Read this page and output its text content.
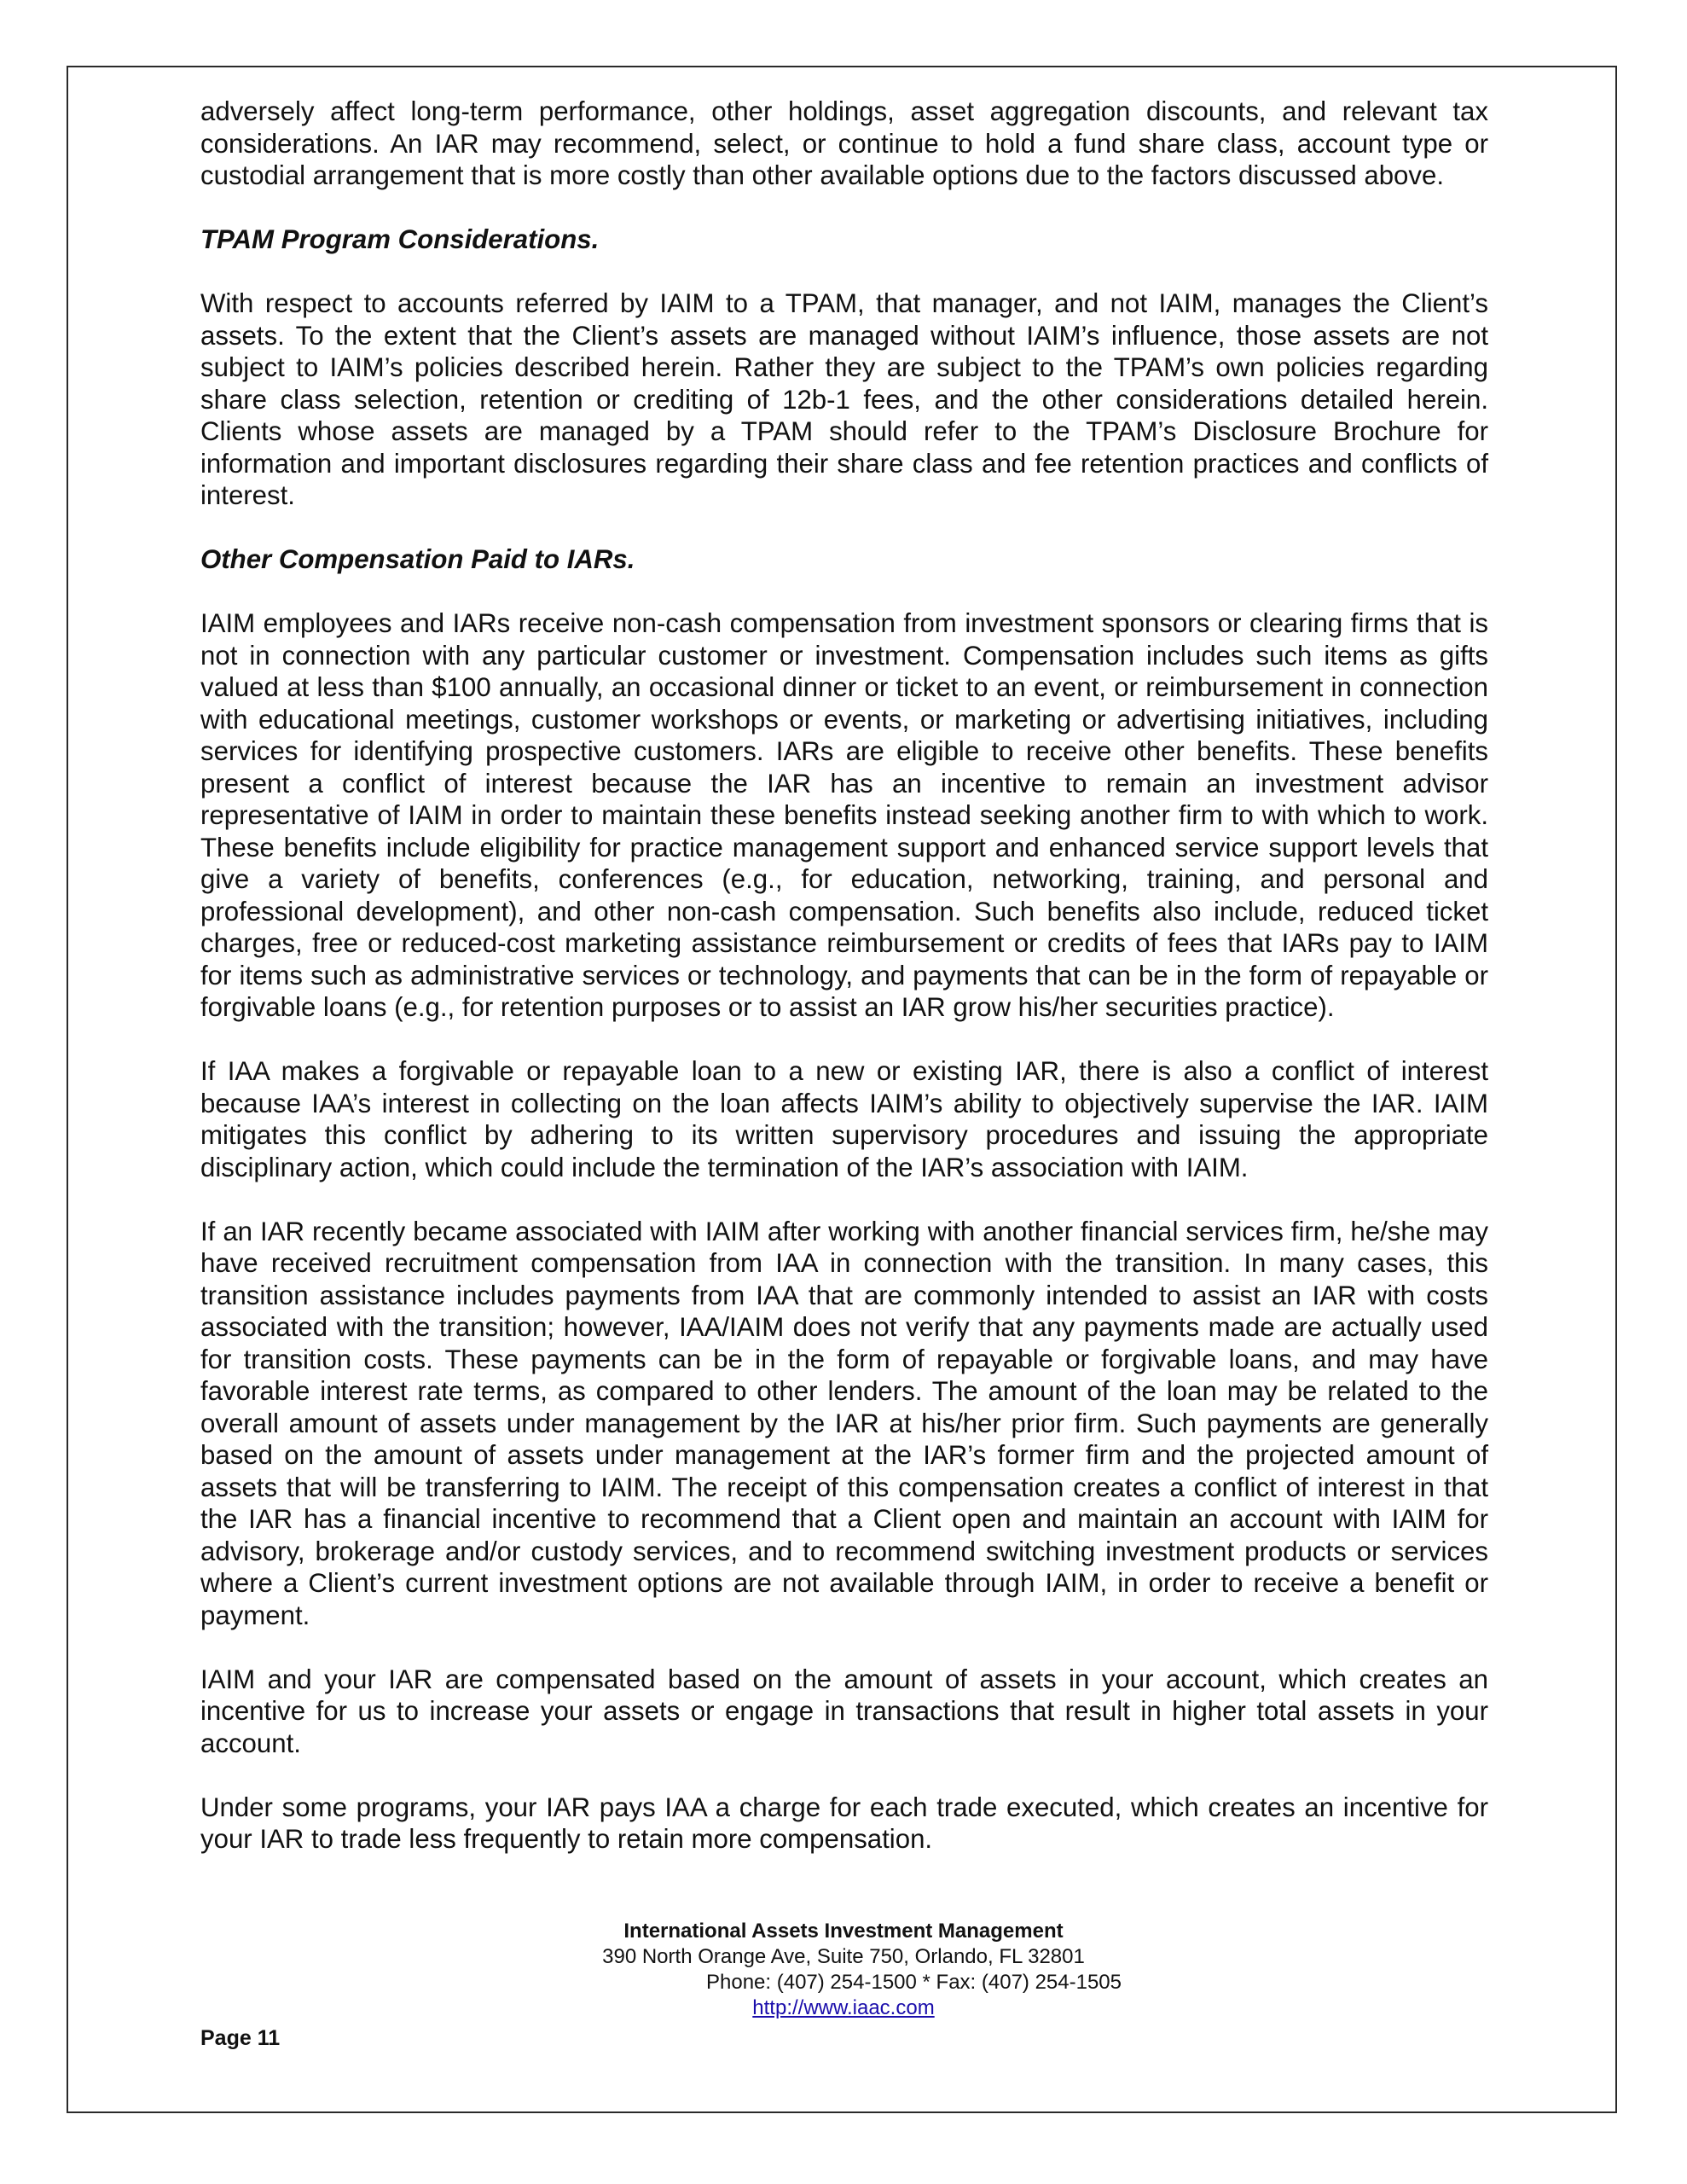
adversely affect long-term performance, other holdings, asset aggregation discounts, and relevant tax considerations. An IAR may recommend, select, or continue to hold a fund share class, account type or custodial arrangement that is more costly than other available options due to the factors discussed above.

TPAM Program Considerations.

With respect to accounts referred by IAIM to a TPAM, that manager, and not IAIM, manages the Client’s assets. To the extent that the Client’s assets are managed without IAIM’s influence, those assets are not subject to IAIM’s policies described herein. Rather they are subject to the TPAM’s own policies regarding share class selection, retention or crediting of 12b-1 fees, and the other considerations detailed herein. Clients whose assets are managed by a TPAM should refer to the TPAM’s Disclosure Brochure for information and important disclosures regarding their share class and fee retention practices and conflicts of interest.

Other Compensation Paid to IARs.

IAIM employees and IARs receive non-cash compensation from investment sponsors or clearing firms that is not in connection with any particular customer or investment. Compensation includes such items as gifts valued at less than $100 annually, an occasional dinner or ticket to an event, or reimbursement in connection with educational meetings, customer workshops or events, or marketing or advertising initiatives, including services for identifying prospective customers. IARs are eligible to receive other benefits. These benefits present a conflict of interest because the IAR has an incentive to remain an investment advisor representative of IAIM in order to maintain these benefits instead seeking another firm to with which to work. These benefits include eligibility for practice management support and enhanced service support levels that give a variety of benefits, conferences (e.g., for education, networking, training, and personal and professional development), and other non-cash compensation. Such benefits also include, reduced ticket charges, free or reduced-cost marketing assistance reimbursement or credits of fees that IARs pay to IAIM for items such as administrative services or technology, and payments that can be in the form of repayable or forgivable loans (e.g., for retention purposes or to assist an IAR grow his/her securities practice).

If IAA makes a forgivable or repayable loan to a new or existing IAR, there is also a conflict of interest because IAA’s interest in collecting on the loan affects IAIM’s ability to objectively supervise the IAR. IAIM mitigates this conflict by adhering to its written supervisory procedures and issuing the appropriate disciplinary action, which could include the termination of the IAR’s association with IAIM.

If an IAR recently became associated with IAIM after working with another financial services firm, he/she may have received recruitment compensation from IAA in connection with the transition. In many cases, this transition assistance includes payments from IAA that are commonly intended to assist an IAR with costs associated with the transition; however, IAA/IAIM does not verify that any payments made are actually used for transition costs. These payments can be in the form of repayable or forgivable loans, and may have favorable interest rate terms, as compared to other lenders. The amount of the loan may be related to the overall amount of assets under management by the IAR at his/her prior firm. Such payments are generally based on the amount of assets under management at the IAR’s former firm and the projected amount of assets that will be transferring to IAIM. The receipt of this compensation creates a conflict of interest in that the IAR has a financial incentive to recommend that a Client open and maintain an account with IAIM for advisory, brokerage and/or custody services, and to recommend switching investment products or services where a Client’s current investment options are not available through IAIM, in order to receive a benefit or payment.

IAIM and your IAR are compensated based on the amount of assets in your account, which creates an incentive for us to increase your assets or engage in transactions that result in higher total assets in your account.

Under some programs, your IAR pays IAA a charge for each trade executed, which creates an incentive for your IAR to trade less frequently to retain more compensation.

International Assets Investment Management
390 North Orange Ave, Suite 750, Orlando, FL 32801
Phone: (407) 254-1500 * Fax: (407) 254-1505
http://www.iaac.com
Page 11
